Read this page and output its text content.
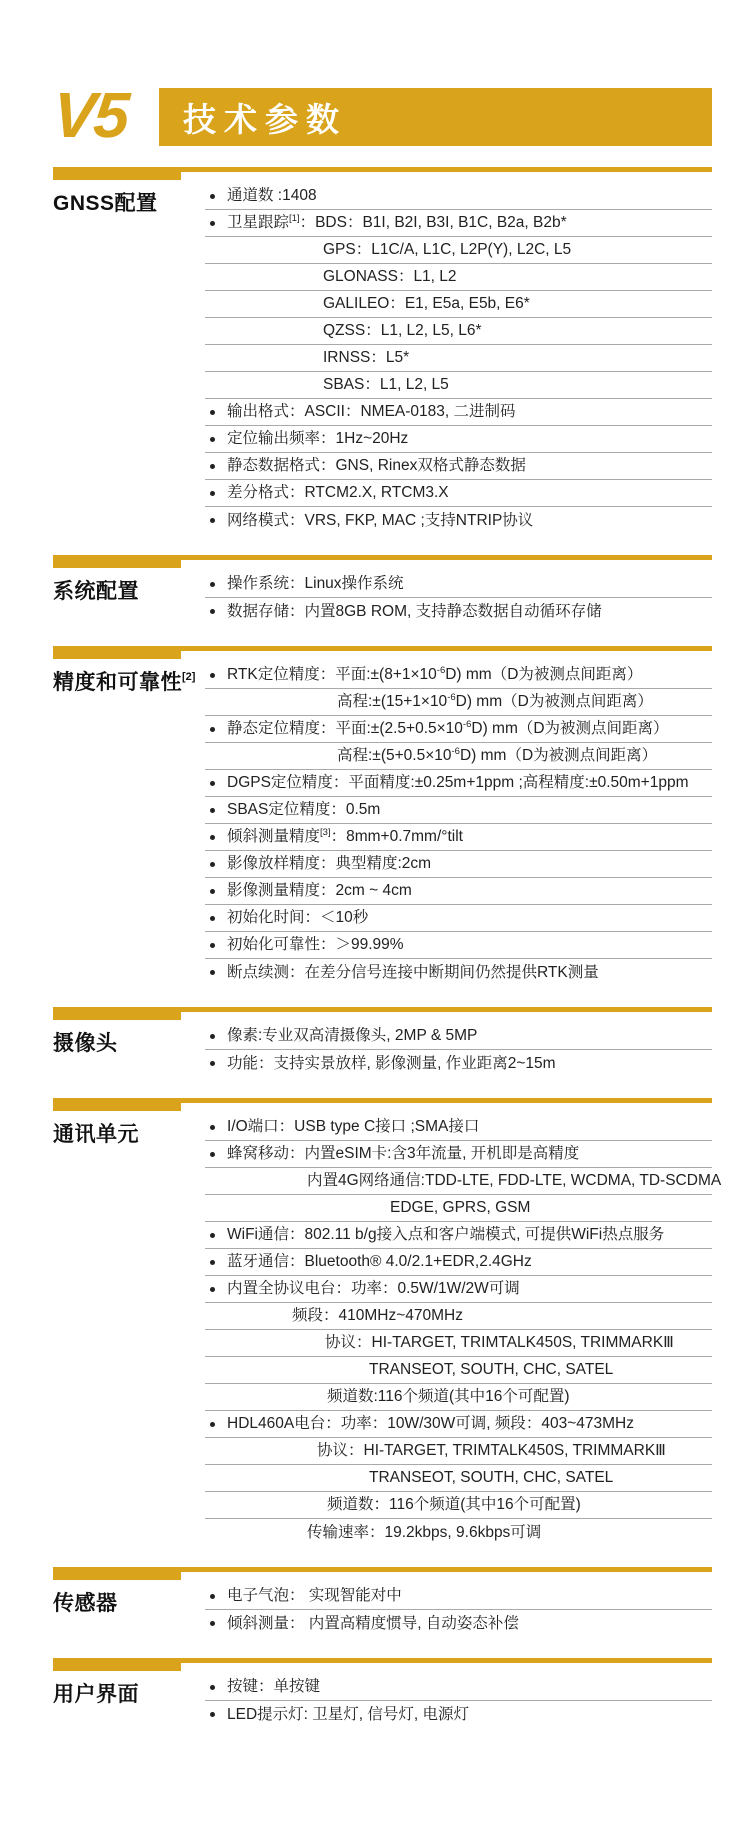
V5	技术参数
GNSS配置	通道数 :1408
卫星跟踪[1]：BDS：B1I, B2I, B3I, B1C, B2a, B2b*
GPS：L1C/A, L1C, L2P(Y), L2C, L5
GLONASS：L1, L2
GALILEO：E1, E5a, E5b, E6*
QZSS：L1, L2, L5, L6*
IRNSS：L5*
SBAS：L1, L2, L5
输出格式：ASCII：NMEA-0183, 二进制码
定位输出频率：1Hz~20Hz
静态数据格式：GNS, Rinex双格式静态数据
差分格式：RTCM2.X, RTCM3.X
网络模式：VRS, FKP, MAC ;支持NTRIP协议
系统配置	操作系统：Linux操作系统
数据存储：内置8GB ROM, 支持静态数据自动循环存储
精度和可靠性[2]	RTK定位精度：平面$:\pm(8+1\times 10^{-6}D)$ mm（D为被测点间距离）
高程$:\pm(15+1\times 10^{-6}D)$ mm（D为被测点间距离）
静态定位精度：平面$:\pm(2.5+0.5\times 10^{-6}D)$ mm（D为被测点间距离）
高程$:\pm(5+0.5\times 10^{-6}D)$ mm（D为被测点间距离）
DGPS定位精度：平面精度:±0.25m+1ppm ;高程精度:±0.50m+1ppm
SBAS定位精度：0.5m
倾斜测量精度[3]：8mm+0.7mm/°tilt
影像放样精度：典型精度:2cm
影像测量精度：2cm ~ 4cm
初始化时间：＜10秒
初始化可靠性：＞99.99%
断点续测：在差分信号连接中断期间仍然提供RTK测量
摄像头	像素:专业双高清摄像头, 2MP & 5MP
功能：支持实景放样, 影像测量, 作业距离2~15m
通讯单元	I/O端口：USB type C接口 ;SMA接口
蜂窝移动：内置eSIM卡:含3年流量, 开机即是高精度
内置4G网络通信:TDD-LTE, FDD-LTE, WCDMA, TD-SCDMA
EDGE, GPRS, GSM
WiFi通信：802.11 b/g接入点和客户端模式, 可提供WiFi热点服务
蓝牙通信：Bluetooth® 4.0/2.1+EDR,2.4GHz
内置全协议电台：功率：0.5W/1W/2W可调
频段：410MHz~470MHz
协议：HI-TARGET, TRIMTALK450S, TRIMMARKⅢ
TRANSEOT, SOUTH, CHC, SATEL
频道数:116个频道(其中16个可配置)
HDL460A电台：功率：10W/30W可调, 频段：403~473MHz
协议：HI-TARGET, TRIMTALK450S, TRIMMARKⅢ
TRANSEOT, SOUTH, CHC, SATEL
频道数：116个频道(其中16个可配置)
传输速率：19.2kbps, 9.6kbps可调
传感器	电子气泡： 实现智能对中
倾斜测量： 内置高精度惯导, 自动姿态补偿
用户界面	按键：单按键
LED提示灯: 卫星灯, 信号灯, 电源灯
